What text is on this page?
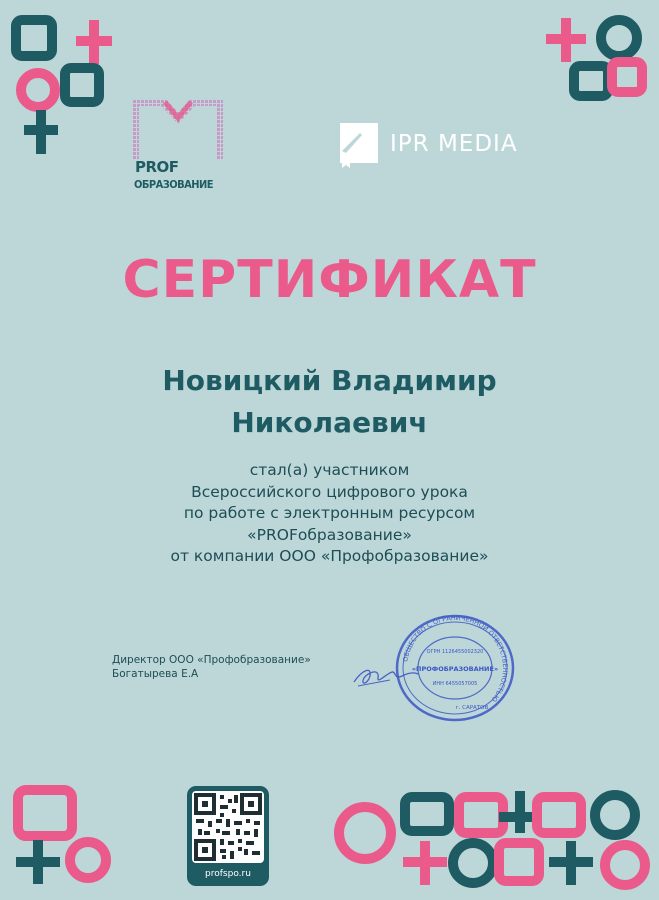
PROF
ОБРАЗОВАНИЕ
IPR MEDIA
СЕРТИФИКАТ
Новицкий Владимир
Николаевич
стал(а) участником
Всероссийского цифрового урока
по работе с электронным ресурсом
«PROFобразование»
от компании ООО «Профобразование»
Директор ООО «Профобразование»
Богатырева Е.А
ОБЩЕСТВО С ОГРАНИЧЕННОЙ ОТВЕТСТВЕННОСТЬЮ
ОГРН 1126455002320
«ПРОФОБРАЗОВАНИЕ»
ИНН 6455057005
г. САРАТОВ
profspo.ru
